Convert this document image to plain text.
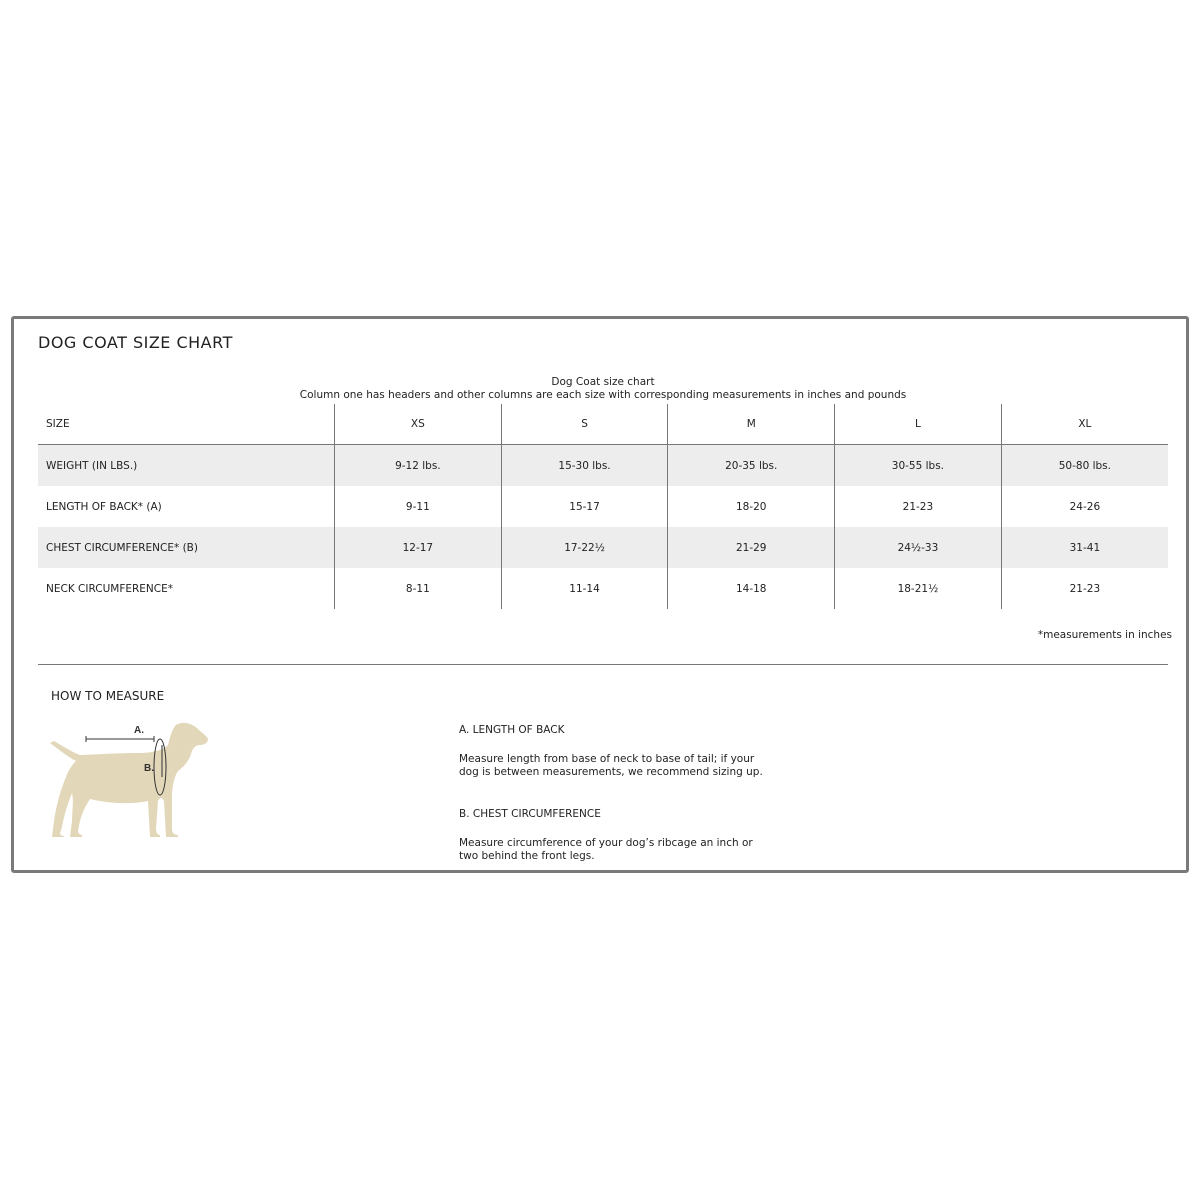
DOG COAT SIZE CHART
Dog Coat size chart
Column one has headers and other columns are each size with corresponding measurements in inches and pounds
SIZE	XS	S	M	L	XL
WEIGHT (IN LBS.)	9-12 lbs.	15-30 lbs.	20-35 lbs.	30-55 lbs.	50-80 lbs.
LENGTH OF BACK* (A)	9-11	15-17	18-20	21-23	24-26
CHEST CIRCUMFERENCE* (B)	12-17	17-22½	21-29	24½-33	31-41
NECK CIRCUMFERENCE*	8-11	11-14	14-18	18-21½	21-23
*measurements in inches
HOW TO MEASURE
A.
B.
A. LENGTH OF BACK
Measure length from base of neck to base of tail; if your dog is between measurements, we recommend sizing up.
B. CHEST CIRCUMFERENCE
Measure circumference of your dog’s ribcage an inch or two behind the front legs.
